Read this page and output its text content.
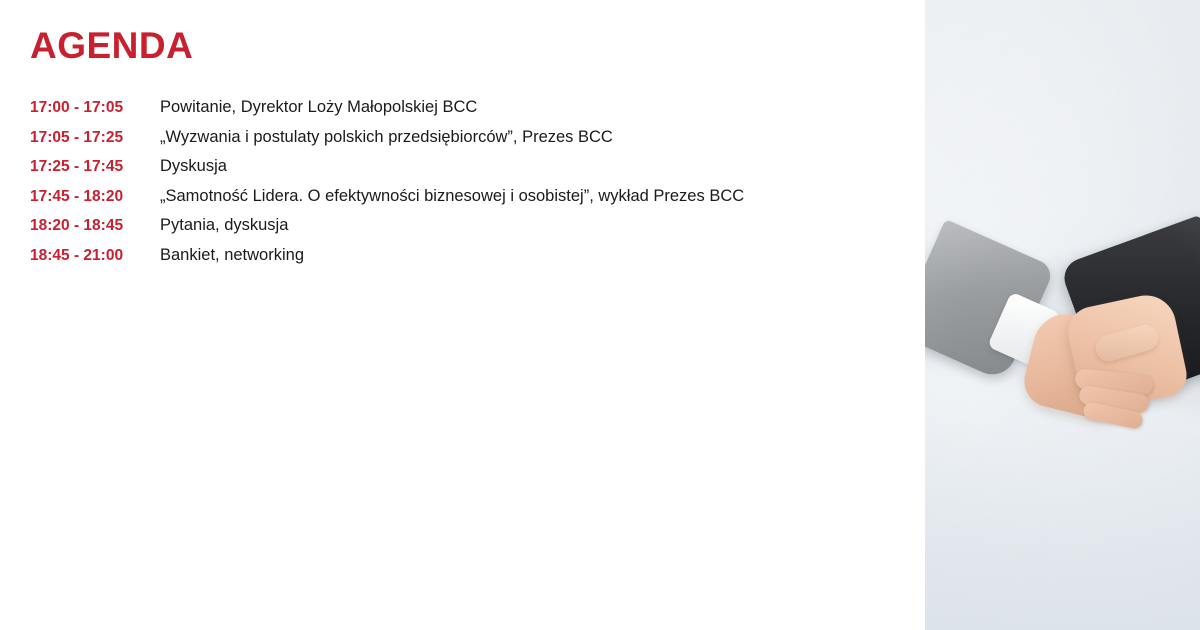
AGENDA
17:00 - 17:05	Powitanie, Dyrektor Loży Małopolskiej BCC
17:05 - 17:25	„Wyzwania i postulaty polskich przedsiębiorców”, Prezes BCC
17:25 - 17:45	Dyskusja
17:45 - 18:20	„Samotność Lidera. O efektywności biznesowej i osobistej”, wykład Prezes BCC
18:20 - 18:45	Pytania, dyskusja
18:45 - 21:00	Bankiet, networking
